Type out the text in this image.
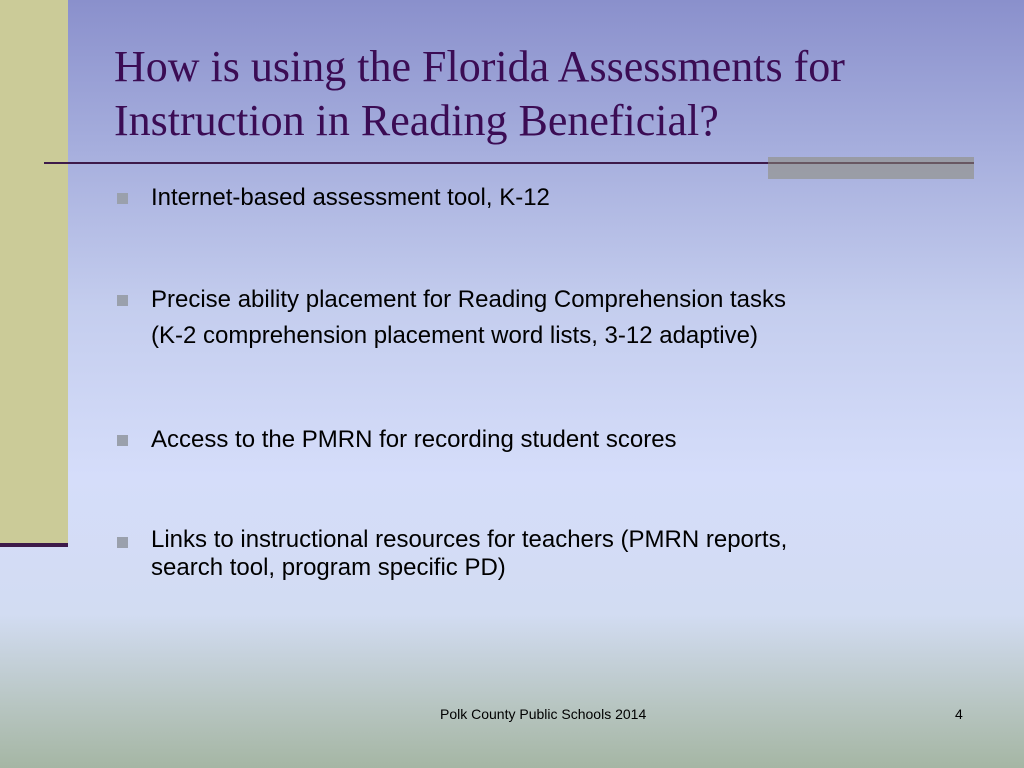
How is using the Florida Assessments for Instruction in Reading Beneficial?
Internet-based assessment tool, K-12
Precise ability placement for Reading Comprehension tasks
(K-2 comprehension placement word lists, 3-12 adaptive)
Access to the PMRN for recording student scores
Links to instructional resources for teachers (PMRN reports,
search tool, program specific PD)
Polk County Public Schools 2014	4
